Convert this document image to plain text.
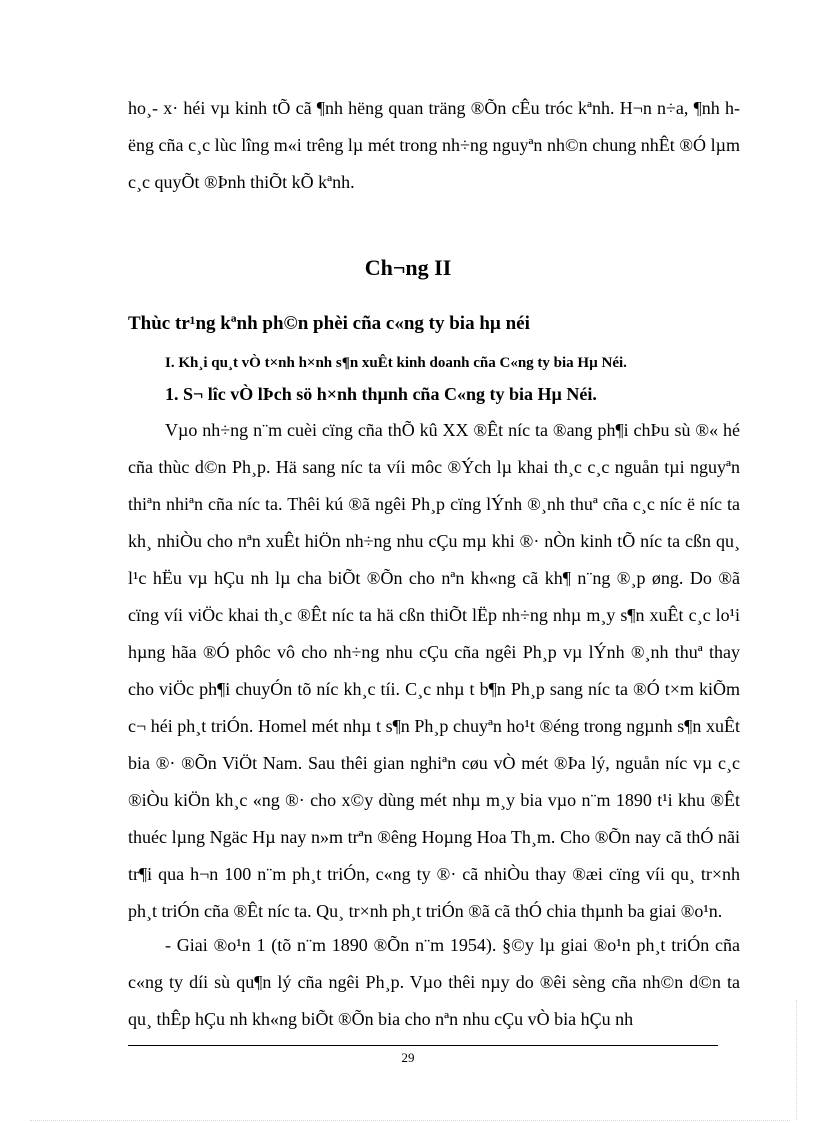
ho¸- x· héi vµ kinh tÕ cã ¶nh hëng quan träng ®Õn cÊu tróc kªnh. H¬n n÷a, ¶nh hëng cña c¸c lùc lîng m«i trêng lµ mét trong nh÷ng nguyªn nh©n chung nhÊt ®Ó lµm c¸c quyÕt ®Þnh thiÕt kÕ kªnh.

Ch¬ng II
Thùc tr¹ng kªnh ph©n phèi cña c«ng ty bia hµ néi
I. Kh¸i qu¸t vÒ t×nh h×nh s¶n xuÊt kinh doanh cña C«ng ty bia Hµ Néi.
1. S¬ lîc vÒ lÞch sö h×nh thµnh cña C«ng ty bia Hµ Néi.

Vµo nh÷ng n¨m cuèi cïng cña thÕ kû XX ®Êt níc ta ®ang ph¶i chÞu sù ®« hé cña thùc d©n Ph¸p. Hä sang níc ta víi môc ®Ých lµ khai th¸c c¸c nguån tµi nguyªn thiªn nhiªn cña níc ta. Thêi kú ®ã ngêi Ph¸p cïng lÝnh ®¸nh thuª cña c¸c níc ë níc ta kh¸ nhiÒu cho nªn xuÊt hiÖn nh÷ng nhu cÇu mµ khi ®· nÒn kinh tÕ níc ta cßn qu¸ l¹c hËu vµ hÇu nh lµ cha biÕt ®Õn cho nªn kh«ng cã kh¶ n¨ng ®¸p øng. Do ®ã cïng víi viÖc khai th¸c ®Êt níc ta hä cßn thiÕt lËp nh÷ng nhµ m¸y s¶n xuÊt c¸c lo¹i hµng hãa ®Ó phôc vô cho nh÷ng nhu cÇu cña ngêi Ph¸p vµ lÝnh ®¸nh thuª thay cho viÖc ph¶i chuyÓn tõ níc kh¸c tíi. C¸c nhµ t b¶n Ph¸p sang níc ta ®Ó t×m kiÕm c¬ héi ph¸t triÓn. Homel mét nhµ t s¶n Ph¸p chuyªn ho¹t ®éng trong ngµnh s¶n xuÊt bia ®· ®Õn ViÖt Nam. Sau thêi gian nghiªn cøu vÒ mét ®Þa lý, nguån níc vµ c¸c ®iÒu kiÖn kh¸c «ng ®· cho x©y dùng mét nhµ m¸y bia vµo n¨m 1890 t¹i khu ®Êt thuéc lµng Ngäc Hµ nay n»m trªn ®êng Hoµng Hoa Th¸m. Cho ®Õn nay cã thÓ nãi tr¶i qua h¬n 100 n¨m ph¸t triÓn, c«ng ty ®· cã nhiÒu thay ®æi cïng víi qu¸ tr×nh ph¸t triÓn cña ®Êt níc ta. Qu¸ tr×nh ph¸t triÓn ®ã cã thÓ chia thµnh ba giai ®o¹n.

- Giai ®o¹n 1 (tõ n¨m 1890 ®Õn n¨m 1954). §©y lµ giai ®o¹n ph¸t triÓn cña c«ng ty díi sù qu¶n lý cña ngêi Ph¸p. Vµo thêi nµy do ®êi sèng cña nh©n d©n ta qu¸ thÊp hÇu nh kh«ng biÕt ®Õn bia cho nªn nhu cÇu vÒ bia hÇu nh

29
